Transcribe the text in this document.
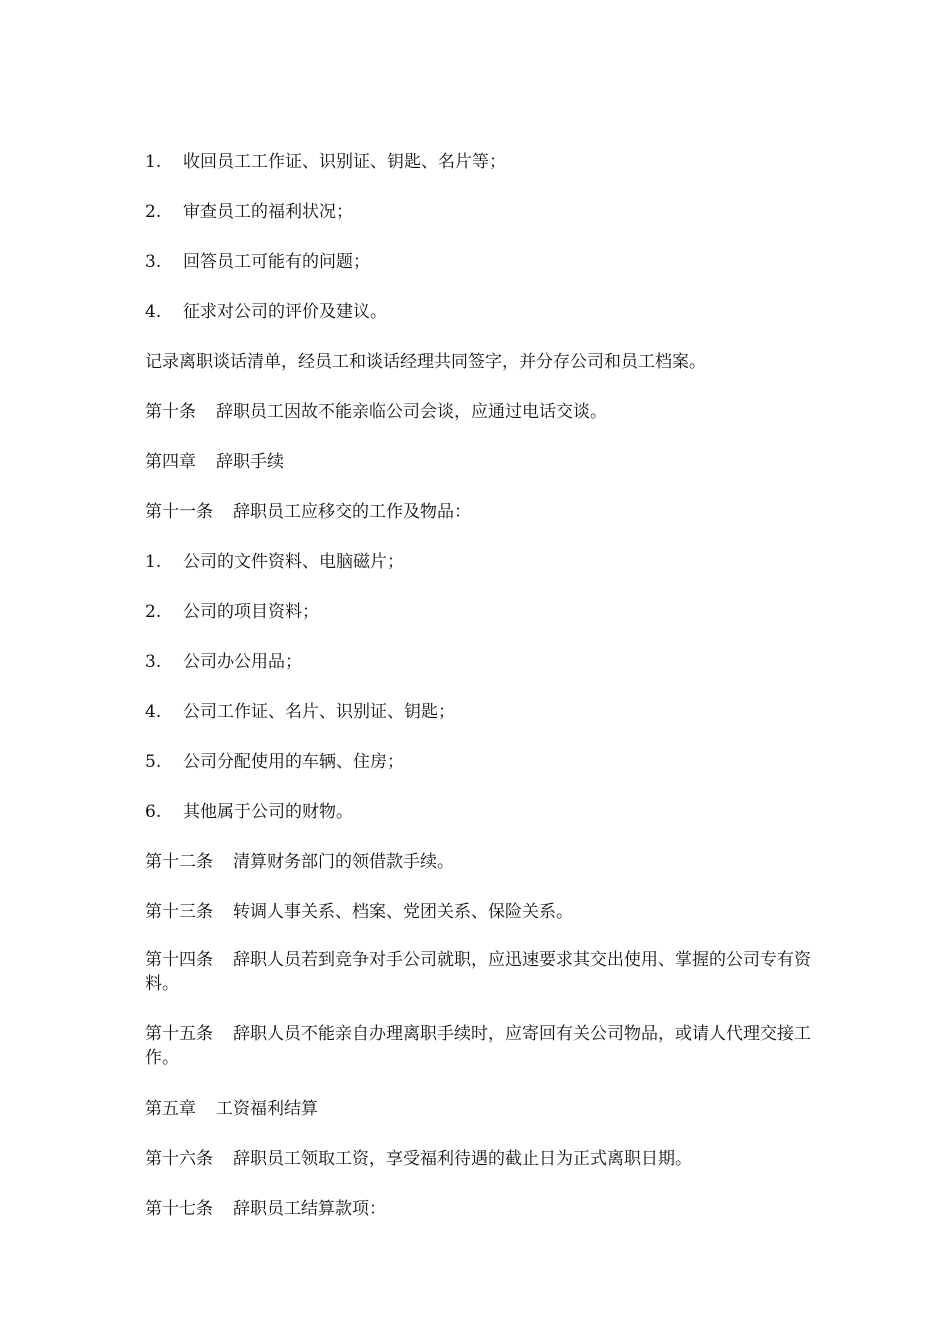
1. 收回员工工作证、识别证、钥匙、名片等；
2. 审查员工的福利状况；
3. 回答员工可能有的问题；
4. 征求对公司的评价及建议。
记录离职谈话清单，经员工和谈话经理共同签字，并分存公司和员工档案。
第十条 辞职员工因故不能亲临公司会谈，应通过电话交谈。
第四章 辞职手续
第十一条 辞职员工应移交的工作及物品：
1. 公司的文件资料、电脑磁片；
2. 公司的项目资料；
3. 公司办公用品；
4. 公司工作证、名片、识别证、钥匙；
5. 公司分配使用的车辆、住房；
6. 其他属于公司的财物。
第十二条 清算财务部门的领借款手续。
第十三条 转调人事关系、档案、党团关系、保险关系。
第十四条 辞职人员若到竞争对手公司就职，应迅速要求其交出使用、掌握的公司专有资料。
第十五条 辞职人员不能亲自办理离职手续时，应寄回有关公司物品，或请人代理交接工作。
第五章 工资福利结算
第十六条 辞职员工领取工资，享受福利待遇的截止日为正式离职日期。
第十七条 辞职员工结算款项：
